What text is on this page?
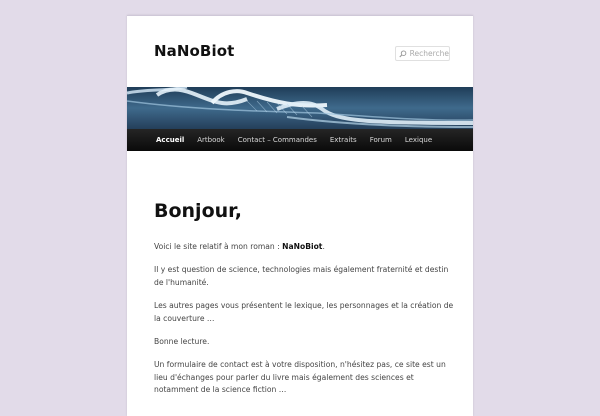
NaNoBiot	Recherche
Accueil Artbook Contact – Commandes Extraits Forum Lexique
Bonjour,

Voici le site relatif à mon roman : NaNoBiot.

Il y est question de science, technologies mais également fraternité et destin de l'humanité.

Les autres pages vous présentent le lexique, les personnages et la création de la couverture …

Bonne lecture.

Un formulaire de contact est à votre disposition, n'hésitez pas, ce site est un lieu d'échanges pour parler du livre mais également des sciences et notamment de la science fiction …
